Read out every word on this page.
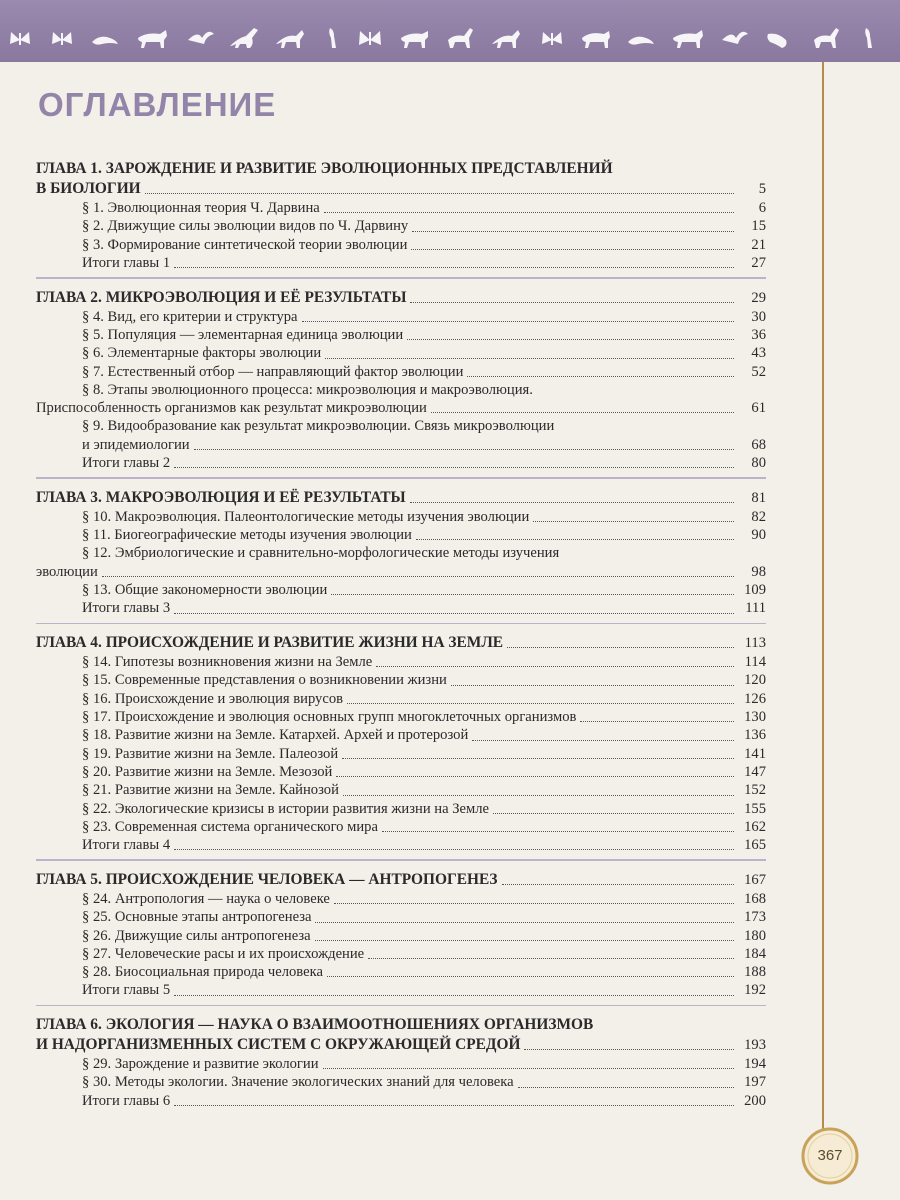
ОГЛАВЛЕНИЕ
ГЛАВА 1. ЗАРОЖДЕНИЕ И РАЗВИТИЕ ЭВОЛЮЦИОННЫХ ПРЕДСТАВЛЕНИЙ
В БИОЛОГИИ	5
§ 1. Эволюционная теория Ч. Дарвина	6
§ 2. Движущие силы эволюции видов по Ч. Дарвину	15
§ 3. Формирование синтетической теории эволюции	21
Итоги главы 1	27
ГЛАВА 2. МИКРОЭВОЛЮЦИЯ И ЕЁ РЕЗУЛЬТАТЫ	29
§ 4. Вид, его критерии и структура	30
§ 5. Популяция — элементарная единица эволюции	36
§ 6. Элементарные факторы эволюции	43
§ 7. Естественный отбор — направляющий фактор эволюции	52
§ 8. Этапы эволюционного процесса: микроэволюция и макроэволюция.
Приспособленность организмов как результат микроэволюции	61
§ 9. Видообразование как результат микроэволюции. Связь микроэволюции
и эпидемиологии	68
Итоги главы 2	80
ГЛАВА 3. МАКРОЭВОЛЮЦИЯ И ЕЁ РЕЗУЛЬТАТЫ	81
§ 10. Макроэволюция. Палеонтологические методы изучения эволюции	82
§ 11. Биогеографические методы изучения эволюции	90
§ 12. Эмбриологические и сравнительно-морфологические методы изучения
эволюции	98
§ 13. Общие закономерности эволюции	109
Итоги главы 3	111
ГЛАВА 4. ПРОИСХОЖДЕНИЕ И РАЗВИТИЕ ЖИЗНИ НА ЗЕМЛЕ	113
§ 14. Гипотезы возникновения жизни на Земле	114
§ 15. Современные представления о возникновении жизни	120
§ 16. Происхождение и эволюция вирусов	126
§ 17. Происхождение и эволюция основных групп многоклеточных организмов	130
§ 18. Развитие жизни на Земле. Катархей. Архей и протерозой	136
§ 19. Развитие жизни на Земле. Палеозой	141
§ 20. Развитие жизни на Земле. Мезозой	147
§ 21. Развитие жизни на Земле. Кайнозой	152
§ 22. Экологические кризисы в истории развития жизни на Земле	155
§ 23. Современная система органического мира	162
Итоги главы 4	165
ГЛАВА 5. ПРОИСХОЖДЕНИЕ ЧЕЛОВЕКА — АНТРОПОГЕНЕЗ	167
§ 24. Антропология — наука о человеке	168
§ 25. Основные этапы антропогенеза	173
§ 26. Движущие силы антропогенеза	180
§ 27. Человеческие расы и их происхождение	184
§ 28. Биосоциальная природа человека	188
Итоги главы 5	192
ГЛАВА 6. ЭКОЛОГИЯ — НАУКА О ВЗАИМООТНОШЕНИЯХ ОРГАНИЗМОВ
И НАДОРГАНИЗМЕННЫХ СИСТЕМ С ОКРУЖАЮЩЕЙ СРЕДОЙ	193
§ 29. Зарождение и развитие экологии	194
§ 30. Методы экологии. Значение экологических знаний для человека	197
Итоги главы 6	200
367
